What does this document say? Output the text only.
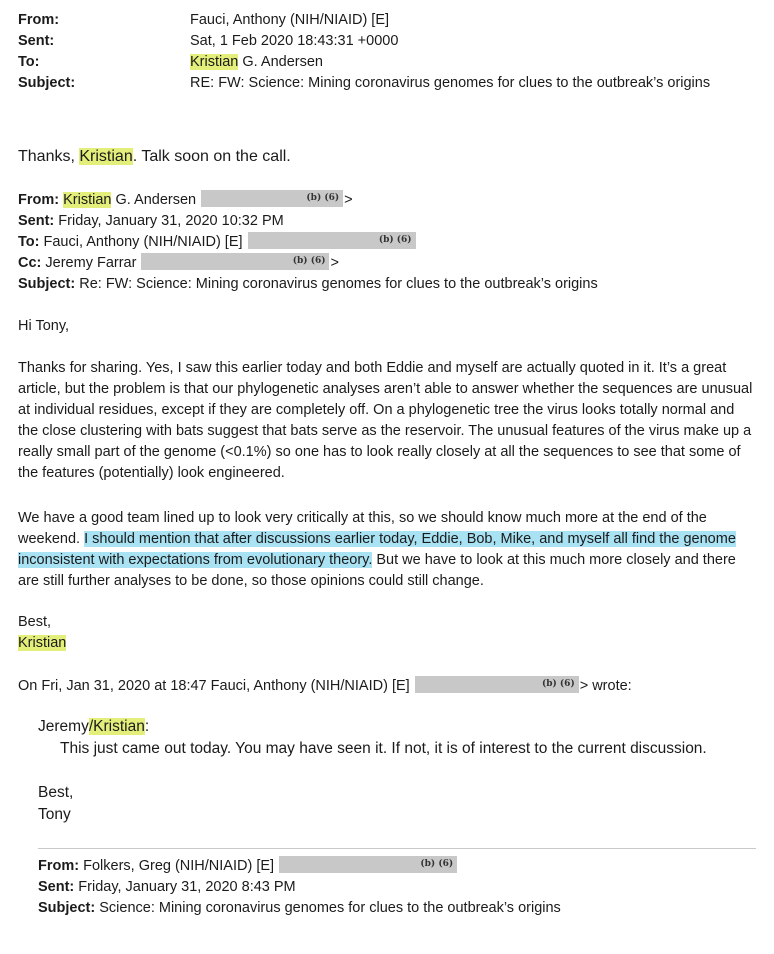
From:	Fauci, Anthony (NIH/NIAID) [E]
Sent:	Sat, 1 Feb 2020 18:43:31 +0000
To:	Kristian G. Andersen
Subject:	RE: FW: Science: Mining coronavirus genomes for clues to the outbreak’s origins
Thanks, Kristian. Talk soon on the call.
From: Kristian G. Andersen	(b) (6) >
Sent: Friday, January 31, 2020 10:32 PM
To: Fauci, Anthony (NIH/NIAID) [E]	(b) (6)
Cc: Jeremy Farrar	(b) (6) >
Subject: Re: FW: Science: Mining coronavirus genomes for clues to the outbreak’s origins
Hi Tony,
Thanks for sharing. Yes, I saw this earlier today and both Eddie and myself are actually quoted in it. It’s a great article, but the problem is that our phylogenetic analyses aren’t able to answer whether the sequences are unusual at individual residues, except if they are completely off. On a phylogenetic tree the virus looks totally normal and the close clustering with bats suggest that bats serve as the reservoir. The unusual features of the virus make up a really small part of the genome (<0.1%) so one has to look really closely at all the sequences to see that some of the features (potentially) look engineered.
We have a good team lined up to look very critically at this, so we should know much more at the end of the weekend. I should mention that after discussions earlier today, Eddie, Bob, Mike, and myself all find the genome inconsistent with expectations from evolutionary theory. But we have to look at this much more closely and there are still further analyses to be done, so those opinions could still change.
Best,
Kristian
On Fri, Jan 31, 2020 at 18:47 Fauci, Anthony (NIH/NIAID) [E]	(b) (6) > wrote:
Jeremy/Kristian:
This just came out today. You may have seen it. If not, it is of interest to the current discussion.
Best,
Tony
From: Folkers, Greg (NIH/NIAID) [E]	(b) (6)
Sent: Friday, January 31, 2020 8:43 PM
Subject: Science: Mining coronavirus genomes for clues to the outbreak’s origins
